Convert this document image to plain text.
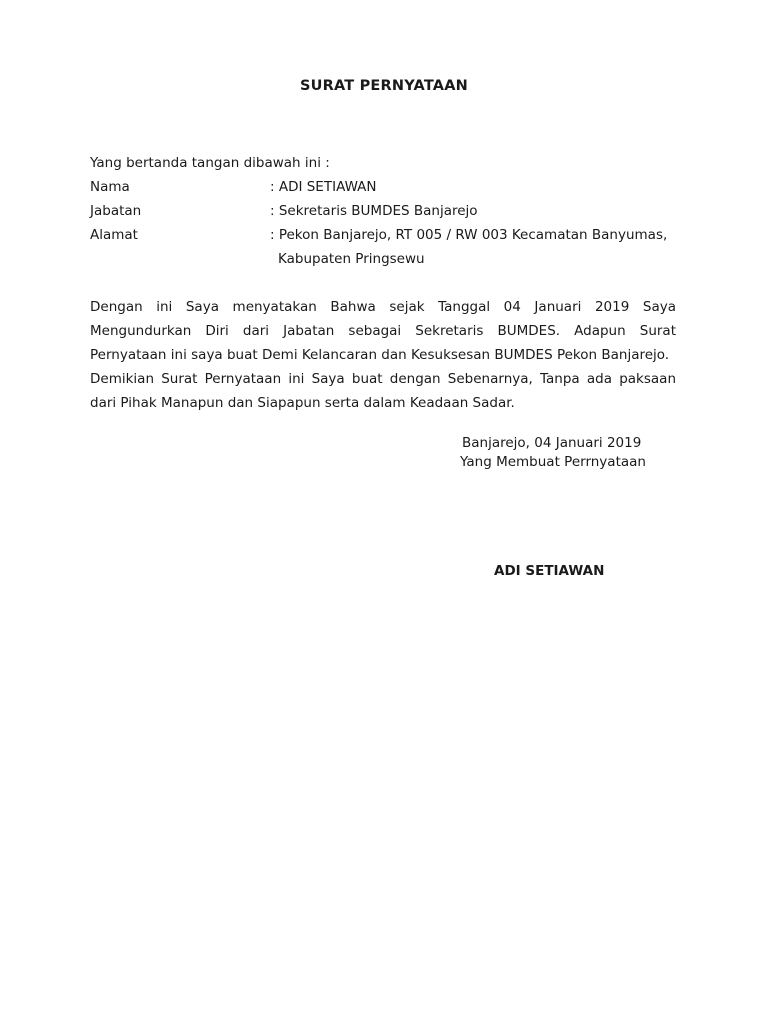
SURAT PERNYATAAN
Yang bertanda tangan dibawah ini :
Nama	: ADI SETIAWAN
Jabatan	: Sekretaris BUMDES Banjarejo
Alamat	: Pekon Banjarejo, RT 005 / RW 003 Kecamatan Banyumas,
Kabupaten Pringsewu

Dengan ini Saya menyatakan Bahwa sejak Tanggal 04 Januari 2019 Saya Mengundurkan Diri dari Jabatan sebagai Sekretaris BUMDES. Adapun Surat Pernyataan ini saya buat Demi Kelancaran dan Kesuksesan BUMDES Pekon Banjarejo.

Demikian Surat Pernyataan ini Saya buat dengan Sebenarnya, Tanpa ada paksaan dari Pihak Manapun dan Siapapun serta dalam Keadaan Sadar.

Banjarejo, 04 Januari 2019
Yang Membuat Perrnyataan
ADI SETIAWAN
